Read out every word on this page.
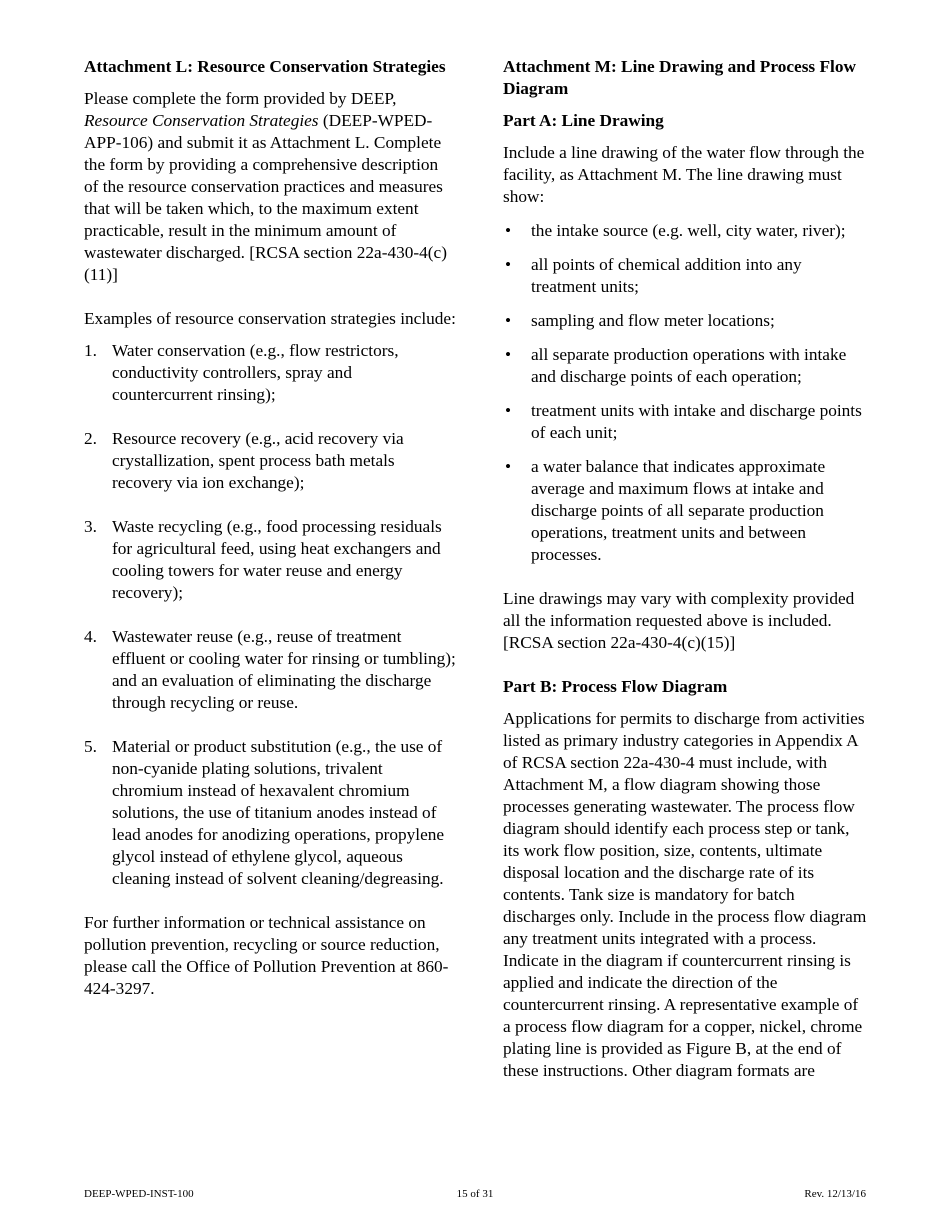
Attachment L: Resource Conservation Strategies

Please complete the form provided by DEEP, Resource Conservation Strategies (DEEP-WPED-APP-106) and submit it as Attachment L. Complete the form by providing a comprehensive description of the resource conservation practices and measures that will be taken which, to the maximum extent practicable, result in the minimum amount of wastewater discharged. [RCSA section 22a-430-4(c)(11)]

Examples of resource conservation strategies include:

1. Water conservation (e.g., flow restrictors, conductivity controllers, spray and countercurrent rinsing);
2. Resource recovery (e.g., acid recovery via crystallization, spent process bath metals recovery via ion exchange);
3. Waste recycling (e.g., food processing residuals for agricultural feed, using heat exchangers and cooling towers for water reuse and energy recovery);
4. Wastewater reuse (e.g., reuse of treatment effluent or cooling water for rinsing or tumbling); and an evaluation of eliminating the discharge through recycling or reuse.
5. Material or product substitution (e.g., the use of non-cyanide plating solutions, trivalent chromium instead of hexavalent chromium solutions, the use of titanium anodes instead of lead anodes for anodizing operations, propylene glycol instead of ethylene glycol, aqueous cleaning instead of solvent cleaning/degreasing.

For further information or technical assistance on pollution prevention, recycling or source reduction, please call the Office of Pollution Prevention at 860-424-3297.

Attachment M: Line Drawing and Process Flow Diagram
Part A: Line Drawing

Include a line drawing of the water flow through the facility, as Attachment M. The line drawing must show:

• the intake source (e.g. well, city water, river);
• all points of chemical addition into any treatment units;
• sampling and flow meter locations;
• all separate production operations with intake and discharge points of each operation;
• treatment units with intake and discharge points of each unit;
• a water balance that indicates approximate average and maximum flows at intake and discharge points of all separate production operations, treatment units and between processes.

Line drawings may vary with complexity provided all the information requested above is included. [RCSA section 22a-430-4(c)(15)]

Part B: Process Flow Diagram

Applications for permits to discharge from activities listed as primary industry categories in Appendix A of RCSA section 22a-430-4 must include, with Attachment M, a flow diagram showing those processes generating wastewater. The process flow diagram should identify each process step or tank, its work flow position, size, contents, ultimate disposal location and the discharge rate of its contents. Tank size is mandatory for batch discharges only. Include in the process flow diagram any treatment units integrated with a process. Indicate in the diagram if countercurrent rinsing is applied and indicate the direction of the countercurrent rinsing. A representative example of a process flow diagram for a copper, nickel, chrome plating line is provided as Figure B, at the end of these instructions. Other diagram formats are

DEEP-WPED-INST-100	15 of 31	Rev. 12/13/16
